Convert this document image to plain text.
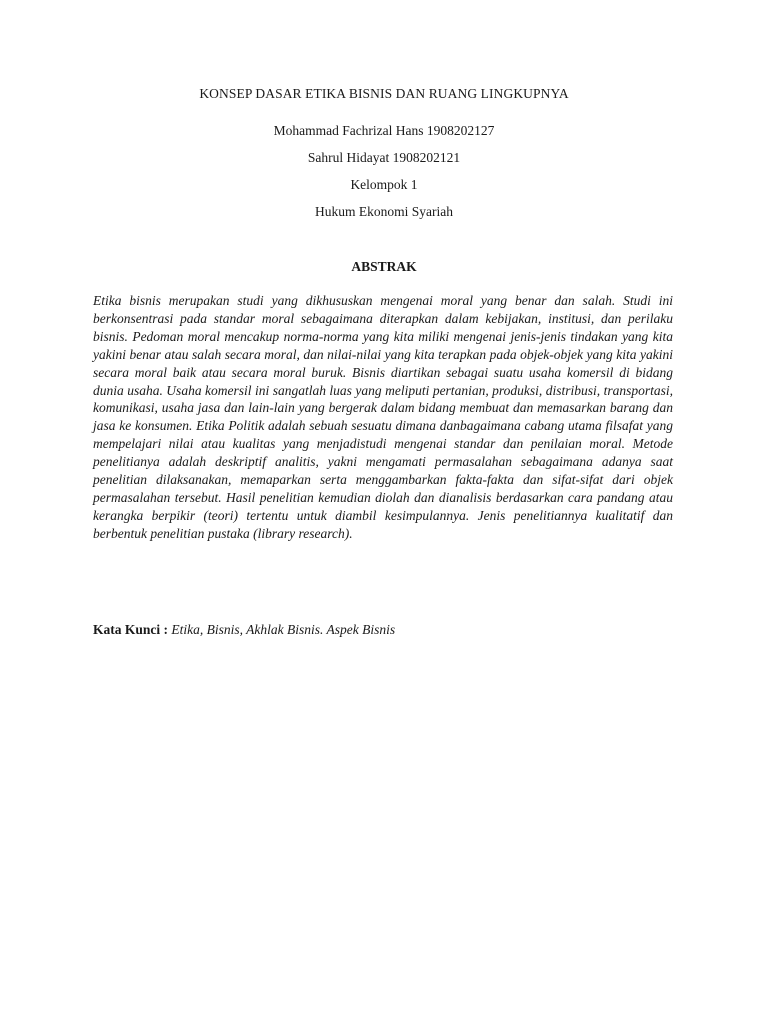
KONSEP DASAR ETIKA BISNIS DAN RUANG LINGKUPNYA
Mohammad Fachrizal Hans 1908202127
Sahrul Hidayat 1908202121
Kelompok 1
Hukum Ekonomi Syariah
ABSTRAK

Etika bisnis merupakan studi yang dikhususkan mengenai moral yang benar dan salah. Studi ini berkonsentrasi pada standar moral sebagaimana diterapkan dalam kebijakan, institusi, dan perilaku bisnis. Pedoman moral mencakup norma-norma yang kita miliki mengenai jenis-jenis tindakan yang kita yakini benar atau salah secara moral, dan nilai-nilai yang kita terapkan pada objek-objek yang kita yakini secara moral baik atau secara moral buruk. Bisnis diartikan sebagai suatu usaha komersil di bidang dunia usaha. Usaha komersil ini sangatlah luas yang meliputi pertanian, produksi, distribusi, transportasi, komunikasi, usaha jasa dan lain-lain yang bergerak dalam bidang membuat dan memasarkan barang dan jasa ke konsumen. Etika Politik adalah sebuah sesuatu dimana danbagaimana cabang utama filsafat yang mempelajari nilai atau kualitas yang menjadistudi mengenai standar dan penilaian moral. Metode penelitianya adalah deskriptif analitis, yakni mengamati permasalahan sebagaimana adanya saat penelitian dilaksanakan, memaparkan serta menggambarkan fakta-fakta dan sifat-sifat dari objek permasalahan tersebut. Hasil penelitian kemudian diolah dan dianalisis berdasarkan cara pandang atau kerangka berpikir (teori) tertentu untuk diambil kesimpulannya. Jenis penelitiannya kualitatif dan berbentuk penelitian pustaka (library research).

Kata Kunci : Etika, Bisnis, Akhlak Bisnis. Aspek Bisnis
